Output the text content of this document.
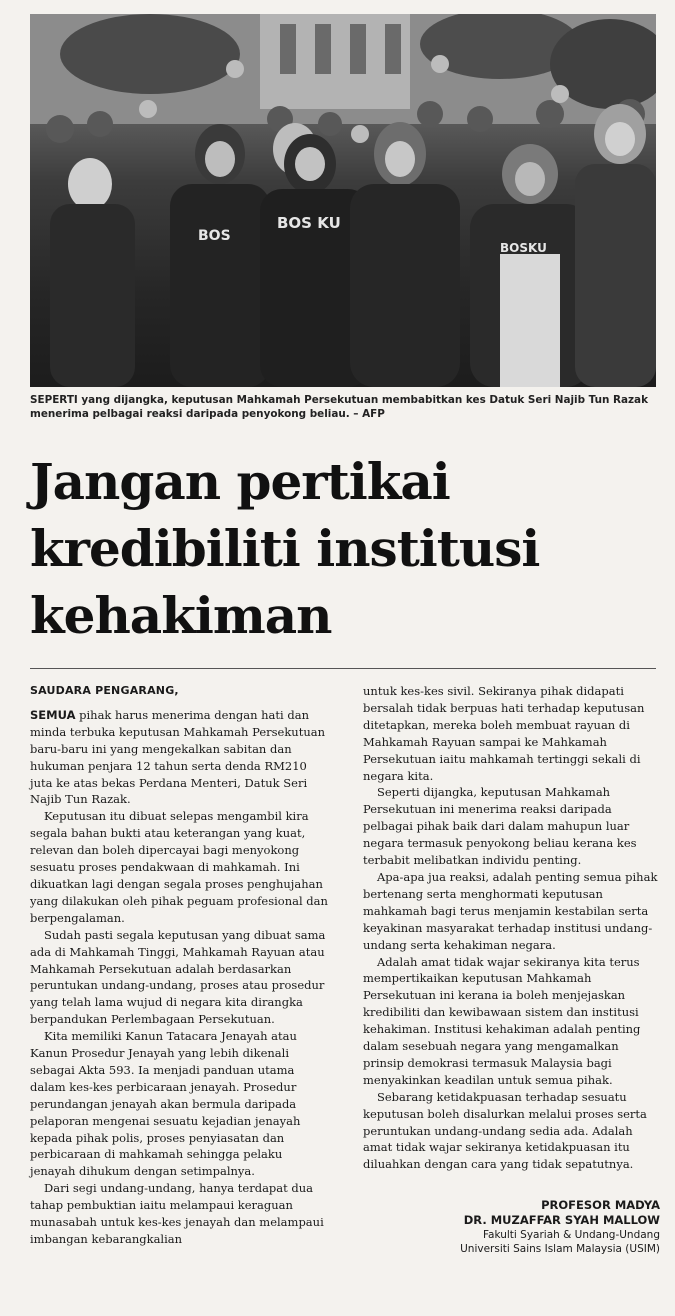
BOS
BOS KU
BOSKU
SEPERTI yang dijangka, keputusan Mahkamah Persekutuan membabitkan kes Datuk Seri Najib Tun Razak menerima pelbagai reaksi daripada penyokong beliau. – AFP
Jangan pertikai
kredibiliti institusi
kehakiman
SAUDARA PENGARANG,

SEMUA pihak harus menerima dengan hati dan minda terbuka keputusan Mahkamah Persekutuan baru-baru ini yang mengekalkan sabitan dan hukuman penjara 12 tahun serta denda RM210 juta ke atas bekas Perdana Menteri, Datuk Seri Najib Tun Razak.

Keputusan itu dibuat selepas mengambil kira segala bahan bukti atau keterangan yang kuat, relevan dan boleh dipercayai bagi menyokong sesuatu proses pendakwaan di mahkamah. Ini dikuatkan lagi dengan segala proses penghujahan yang dilakukan oleh pihak peguam profesional dan berpengalaman.

Sudah pasti segala keputusan yang dibuat sama ada di Mahkamah Tinggi, Mahkamah Rayuan atau Mahkamah Persekutuan adalah berdasarkan peruntukan undang-undang, proses atau prosedur yang telah lama wujud di negara kita dirangka berpandukan Perlembagaan Persekutuan.

Kita memiliki Kanun Tatacara Jenayah atau Kanun Prosedur Jenayah yang lebih dikenali sebagai Akta 593. Ia menjadi panduan utama dalam kes-kes perbicaraan jenayah. Prosedur perundangan jenayah akan bermula daripada pelaporan mengenai sesuatu kejadian jenayah kepada pihak polis, proses penyiasatan dan perbicaraan di mahkamah sehingga pelaku jenayah dihukum dengan setimpalnya.

Dari segi undang-undang, hanya terdapat dua tahap pembuktian iaitu melampaui keraguan munasabah untuk kes-kes jenayah dan melampaui imbangan kebarangkalian

untuk kes-kes sivil. Sekiranya pihak didapati bersalah tidak berpuas hati terhadap keputusan ditetapkan, mereka boleh membuat rayuan di Mahkamah Rayuan sampai ke Mahkamah Persekutuan iaitu mahkamah tertinggi sekali di negara kita.

Seperti dijangka, keputusan Mahkamah Persekutuan ini menerima reaksi daripada pelbagai pihak baik dari dalam mahupun luar negara termasuk penyokong beliau kerana kes terbabit melibatkan individu penting.

Apa-apa jua reaksi, adalah penting semua pihak bertenang serta menghormati keputusan mahkamah bagi terus menjamin kestabilan serta keyakinan masyarakat terhadap institusi undang-undang serta kehakiman negara.

Adalah amat tidak wajar sekiranya kita terus mempertikaikan keputusan Mahkamah Persekutuan ini kerana ia boleh menjejaskan kredibiliti dan kewibawaan sistem dan institusi kehakiman. Institusi kehakiman adalah penting dalam sesebuah negara yang mengamalkan prinsip demokrasi termasuk Malaysia bagi menyakinkan keadilan untuk semua pihak.

Sebarang ketidakpuasan terhadap sesuatu keputusan boleh disalurkan melalui proses serta peruntukan undang-undang sedia ada. Adalah amat tidak wajar sekiranya ketidakpuasan itu diluahkan dengan cara yang tidak sepatutnya.

PROFESOR MADYA
DR. MUZAFFAR SYAH MALLOW
Fakulti Syariah & Undang-Undang
Universiti Sains Islam Malaysia (USIM)
